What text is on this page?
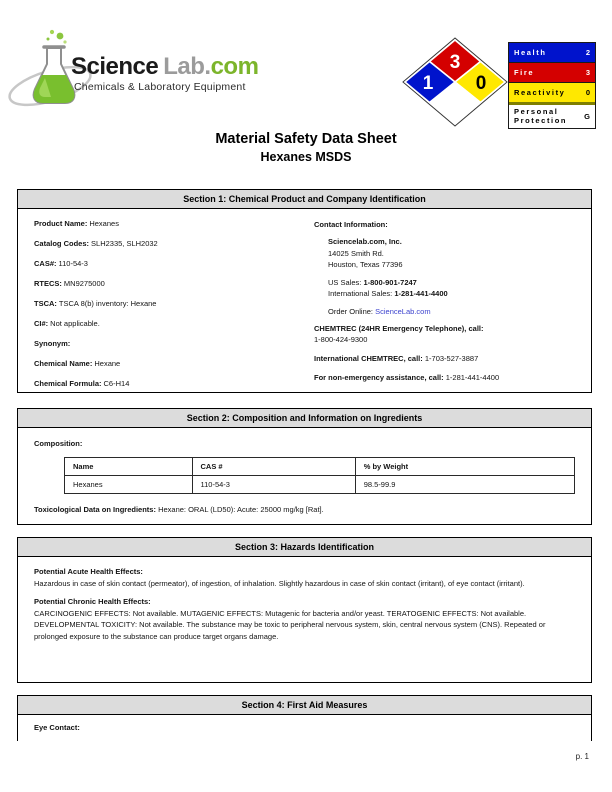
Science Lab.com
Chemicals & Laboratory Equipment
3
1 0
Health	2
Fire	3
Reactivity	0
Personal Protection	G
Material Safety Data Sheet
Hexanes MSDS
Section 1: Chemical Product and Company Identification

Product Name: Hexanes

Catalog Codes: SLH2335, SLH2032

CAS#: 110-54-3

RTECS: MN9275000

TSCA: TSCA 8(b) inventory: Hexane

CI#: Not applicable.

Synonym:

Chemical Name: Hexane

Chemical Formula: C6-H14

Contact Information:

Sciencelab.com, Inc.

14025 Smith Rd.

Houston, Texas 77396

US Sales: 1-800-901-7247

International Sales: 1-281-441-4400

Order Online: ScienceLab.com

CHEMTREC (24HR Emergency Telephone), call:
1-800-424-9300

International CHEMTREC, call: 1-703-527-3887

For non-emergency assistance, call: 1-281-441-4400

Section 2: Composition and Information on Ingredients

Composition:

Name	CAS #	% by Weight
Hexanes	110-54-3	98.5-99.9

Toxicological Data on Ingredients: Hexane: ORAL (LD50): Acute: 25000 mg/kg [Rat].

Section 3: Hazards Identification

Potential Acute Health Effects:

Hazardous in case of skin contact (permeator), of ingestion, of inhalation. Slightly hazardous in case of skin contact (irritant), of eye contact (irritant).

Potential Chronic Health Effects:

CARCINOGENIC EFFECTS: Not available. MUTAGENIC EFFECTS: Mutagenic for bacteria and/or yeast. TERATOGENIC EFFECTS: Not available. DEVELOPMENTAL TOXICITY: Not available. The substance may be toxic to peripheral nervous system, skin, central nervous system (CNS). Repeated or prolonged exposure to the substance can produce target organs damage.

Section 4: First Aid Measures

Eye Contact:

p. 1
